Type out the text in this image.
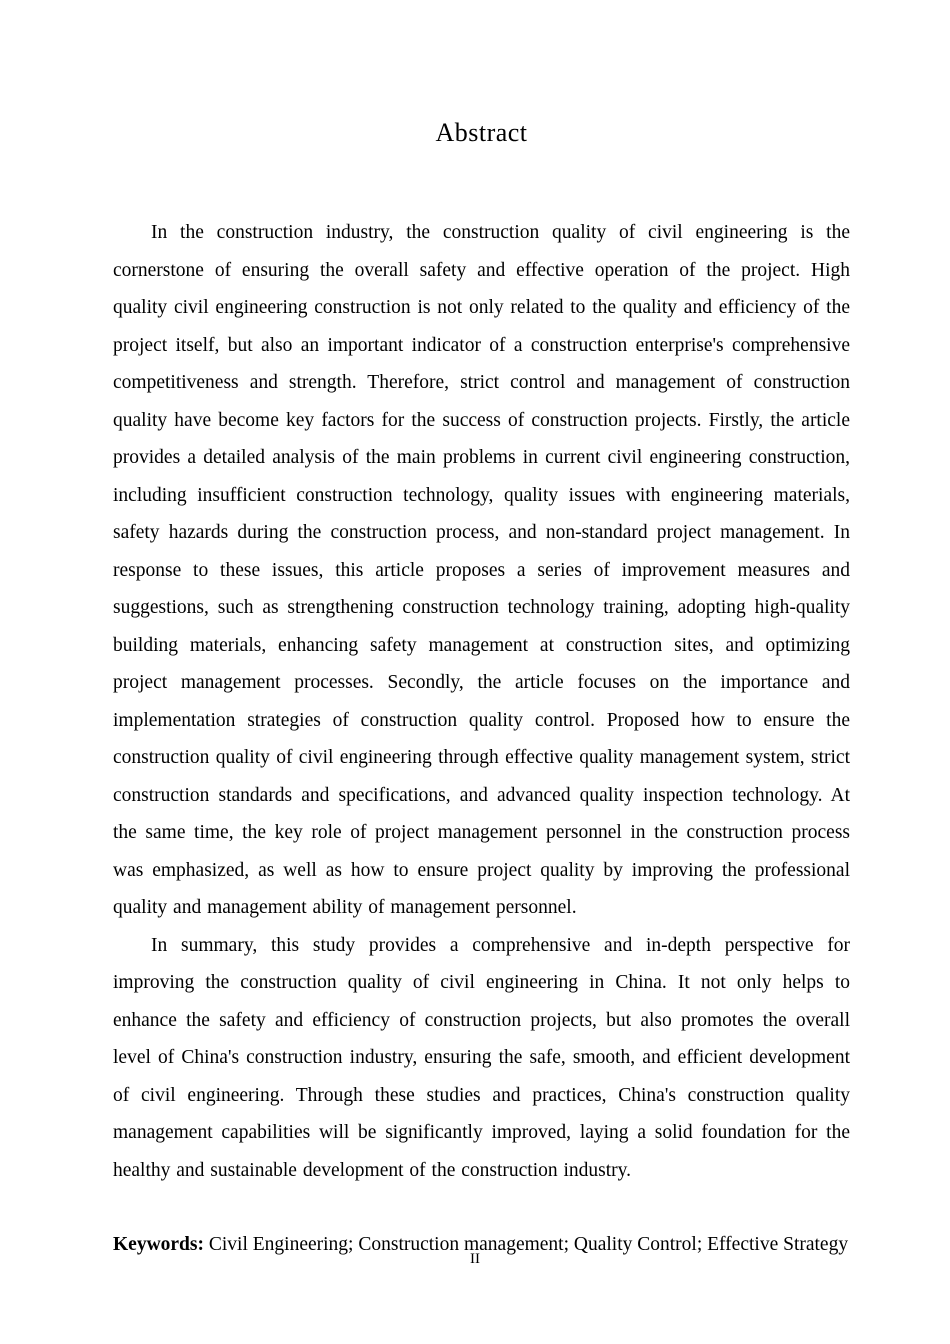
Abstract

In the construction industry, the construction quality of civil engineering is the cornerstone of ensuring the overall safety and effective operation of the project. High quality civil engineering construction is not only related to the quality and efficiency of the project itself, but also an important indicator of a construction enterprise's comprehensive competitiveness and strength. Therefore, strict control and management of construction quality have become key factors for the success of construction projects. Firstly, the article provides a detailed analysis of the main problems in current civil engineering construction, including insufficient construction technology, quality issues with engineering materials, safety hazards during the construction process, and non-standard project management. In response to these issues, this article proposes a series of improvement measures and suggestions, such as strengthening construction technology training, adopting high-quality building materials, enhancing safety management at construction sites, and optimizing project management processes. Secondly, the article focuses on the importance and implementation strategies of construction quality control. Proposed how to ensure the construction quality of civil engineering through effective quality management system, strict construction standards and specifications, and advanced quality inspection technology. At the same time, the key role of project management personnel in the construction process was emphasized, as well as how to ensure project quality by improving the professional quality and management ability of management personnel.

In summary, this study provides a comprehensive and in-depth perspective for improving the construction quality of civil engineering in China. It not only helps to enhance the safety and efficiency of construction projects, but also promotes the overall level of China's construction industry, ensuring the safe, smooth, and efficient development of civil engineering. Through these studies and practices, China's construction quality management capabilities will be significantly improved, laying a solid foundation for the healthy and sustainable development of the construction industry.

Keywords: Civil Engineering; Construction management; Quality Control; Effective Strategy

II
